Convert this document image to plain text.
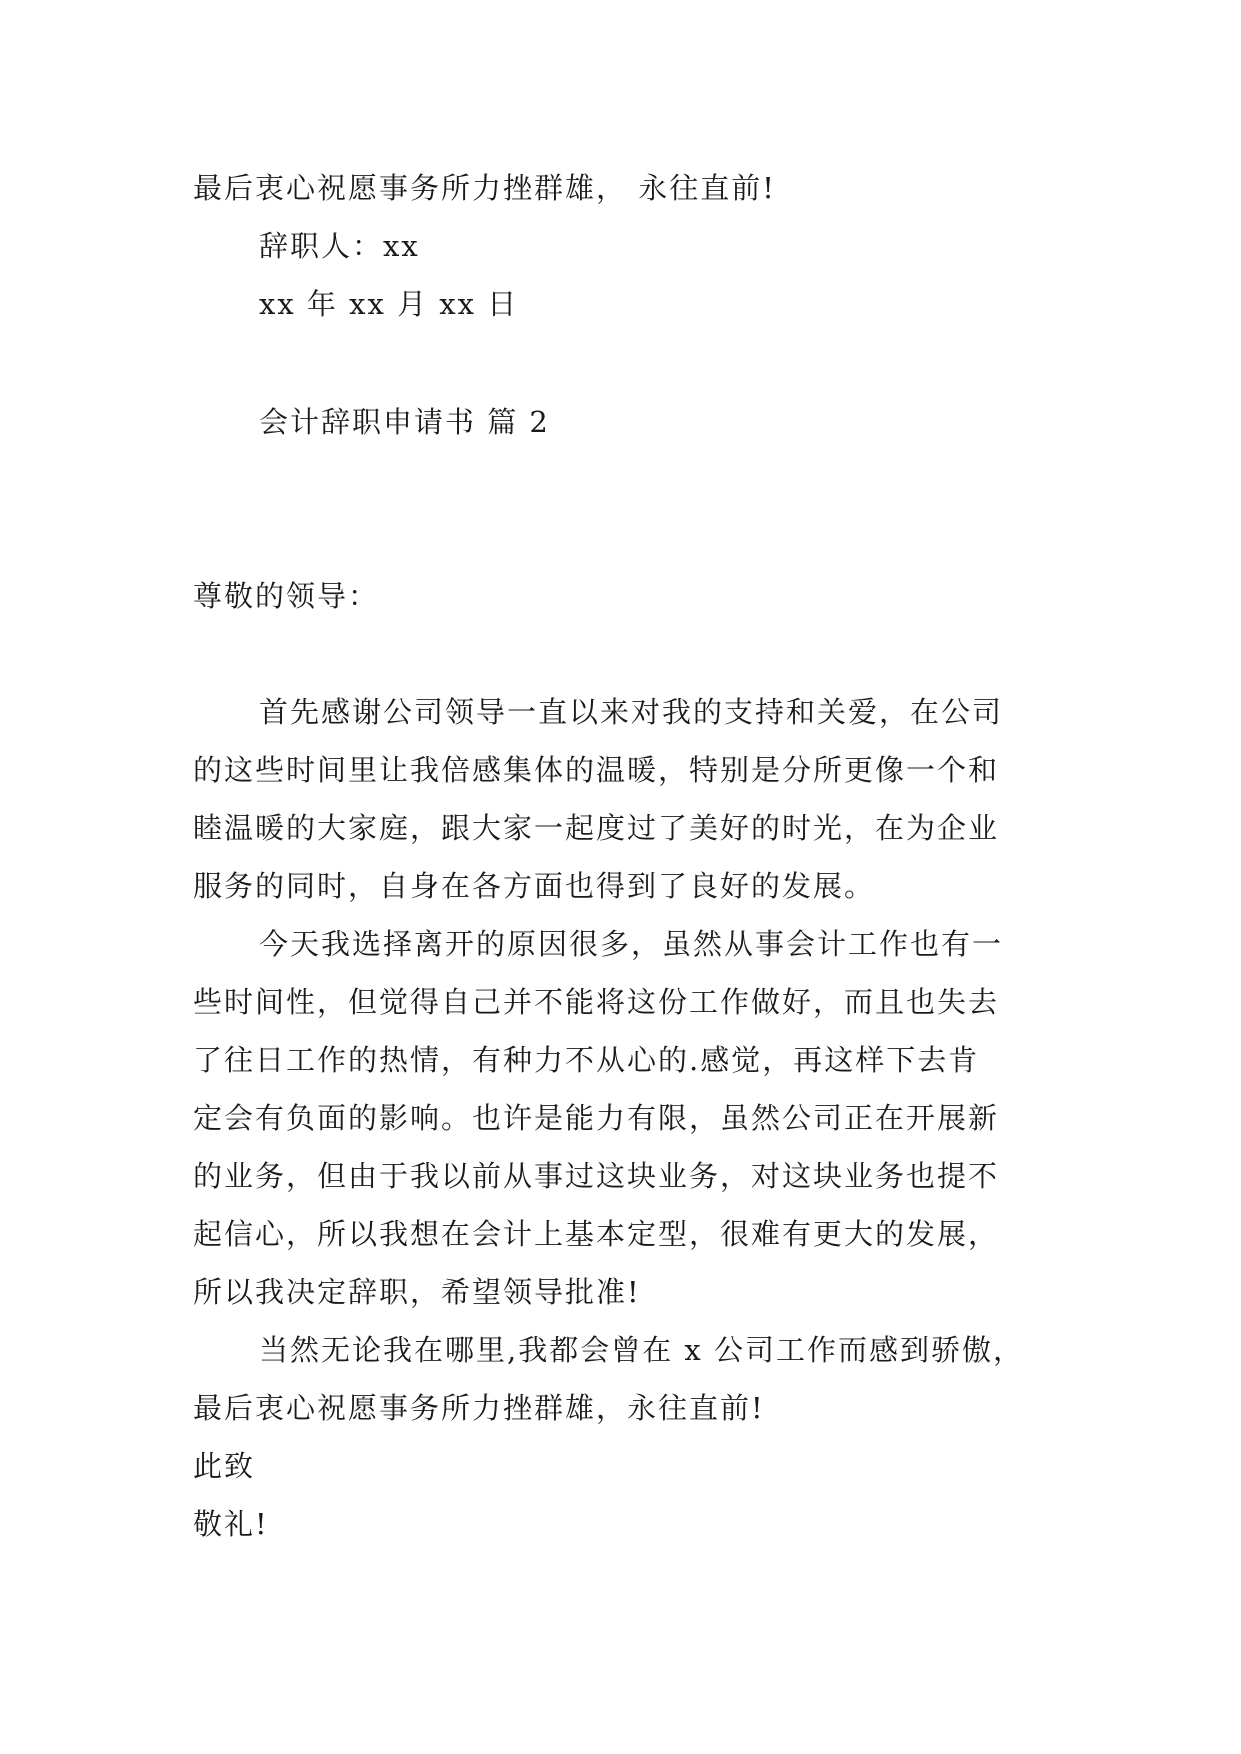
最后衷心祝愿事务所力挫群雄， 永往直前!
辞职人：xx
xx 年 xx 月 xx 日
会计辞职申请书 篇 2
尊敬的领导：
首先感谢公司领导一直以来对我的支持和关爱，在公司
的这些时间里让我倍感集体的温暖，特别是分所更像一个和
睦温暖的大家庭，跟大家一起度过了美好的时光，在为企业
服务的同时，自身在各方面也得到了良好的发展。
今天我选择离开的原因很多，虽然从事会计工作也有一
些时间性，但觉得自己并不能将这份工作做好，而且也失去
了往日工作的热情，有种力不从心的.感觉，再这样下去肯
定会有负面的影响。也许是能力有限，虽然公司正在开展新
的业务，但由于我以前从事过这块业务，对这块业务也提不
起信心，所以我想在会计上基本定型，很难有更大的发展，
所以我决定辞职，希望领导批准!
当然无论我在哪里,我都会曾在 x 公司工作而感到骄傲，
最后衷心祝愿事务所力挫群雄，永往直前!
此致
敬礼!
